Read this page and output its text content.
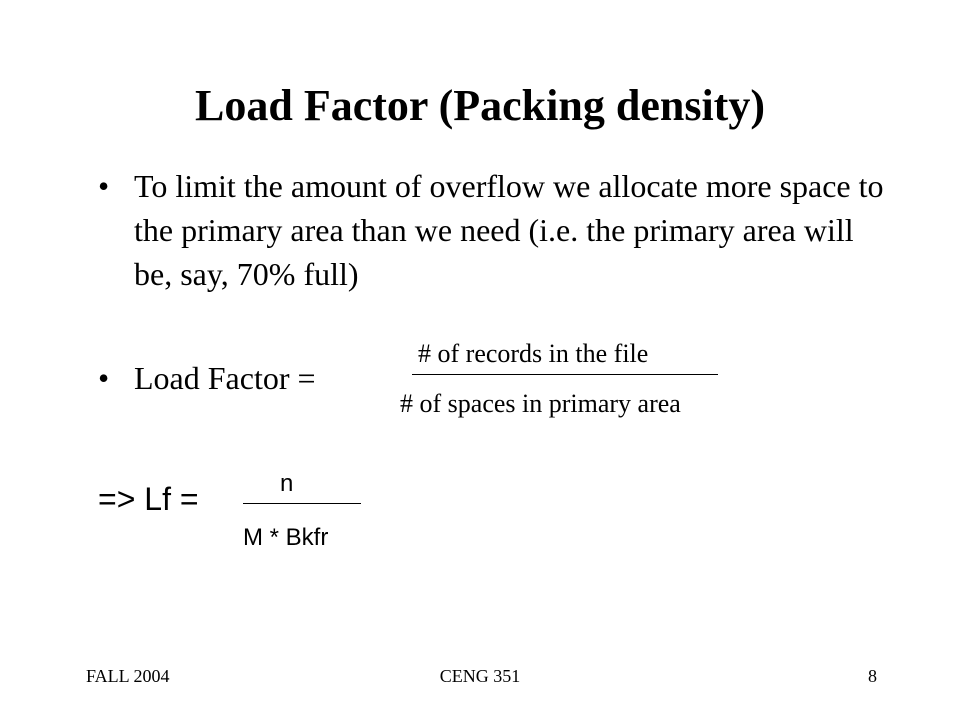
Load Factor (Packing density)
• To limit the amount of overflow we allocate more space to the primary area than we need (i.e. the primary area will be, say, 70% full)
• Load Factor =
# of records in the file
# of spaces in primary area
=> Lf =	n
M * Bkfr
FALL 2004	CENG 351	8
